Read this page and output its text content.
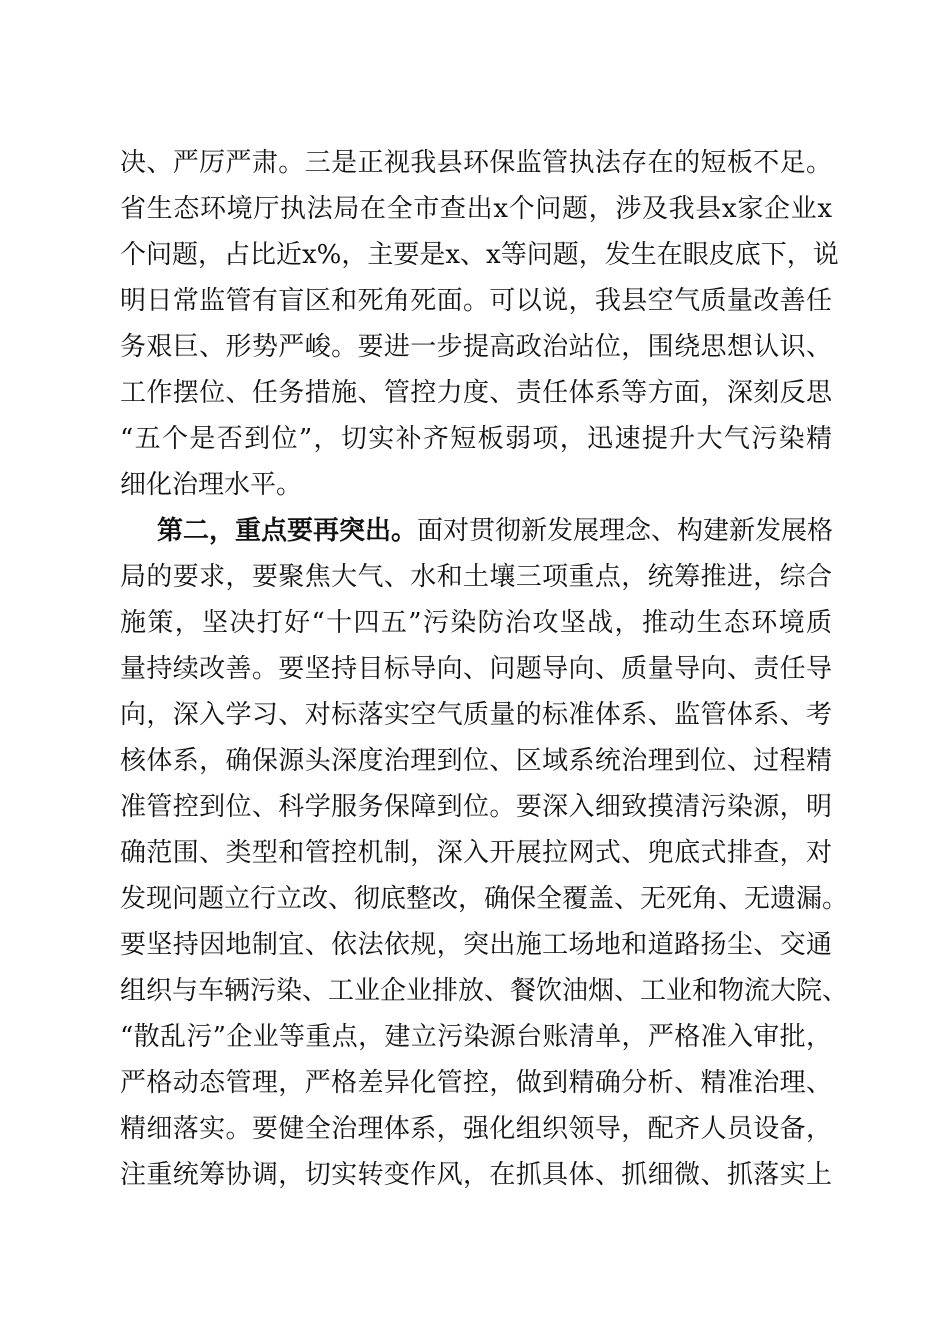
决、严厉严肃。三是正视我县环保监管执法存在的短板不足。
省生态环境厅执法局在全市查出x个问题，涉及我县x家企业x
个问题，占比近x%，主要是x、x等问题，发生在眼皮底下，说
明日常监管有盲区和死角死面。可以说，我县空气质量改善任
务艰巨、形势严峻。要进一步提高政治站位，围绕思想认识、
工作摆位、任务措施、管控力度、责任体系等方面，深刻反思
“五个是否到位”，切实补齐短板弱项，迅速提升大气污染精
细化治理水平。
第二，重点要再突出。面对贯彻新发展理念、构建新发展格
局的要求，要聚焦大气、水和土壤三项重点，统筹推进，综合
施策，坚决打好“十四五”污染防治攻坚战，推动生态环境质
量持续改善。要坚持目标导向、问题导向、质量导向、责任导
向，深入学习、对标落实空气质量的标准体系、监管体系、考
核体系，确保源头深度治理到位、区域系统治理到位、过程精
准管控到位、科学服务保障到位。要深入细致摸清污染源，明
确范围、类型和管控机制，深入开展拉网式、兜底式排查，对
发现问题立行立改、彻底整改，确保全覆盖、无死角、无遗漏。
要坚持因地制宜、依法依规，突出施工场地和道路扬尘、交通
组织与车辆污染、工业企业排放、餐饮油烟、工业和物流大院、
“散乱污”企业等重点，建立污染源台账清单，严格准入审批，
严格动态管理，严格差异化管控，做到精确分析、精准治理、
精细落实。要健全治理体系，强化组织领导，配齐人员设备，
注重统筹协调，切实转变作风，在抓具体、抓细微、抓落实上
